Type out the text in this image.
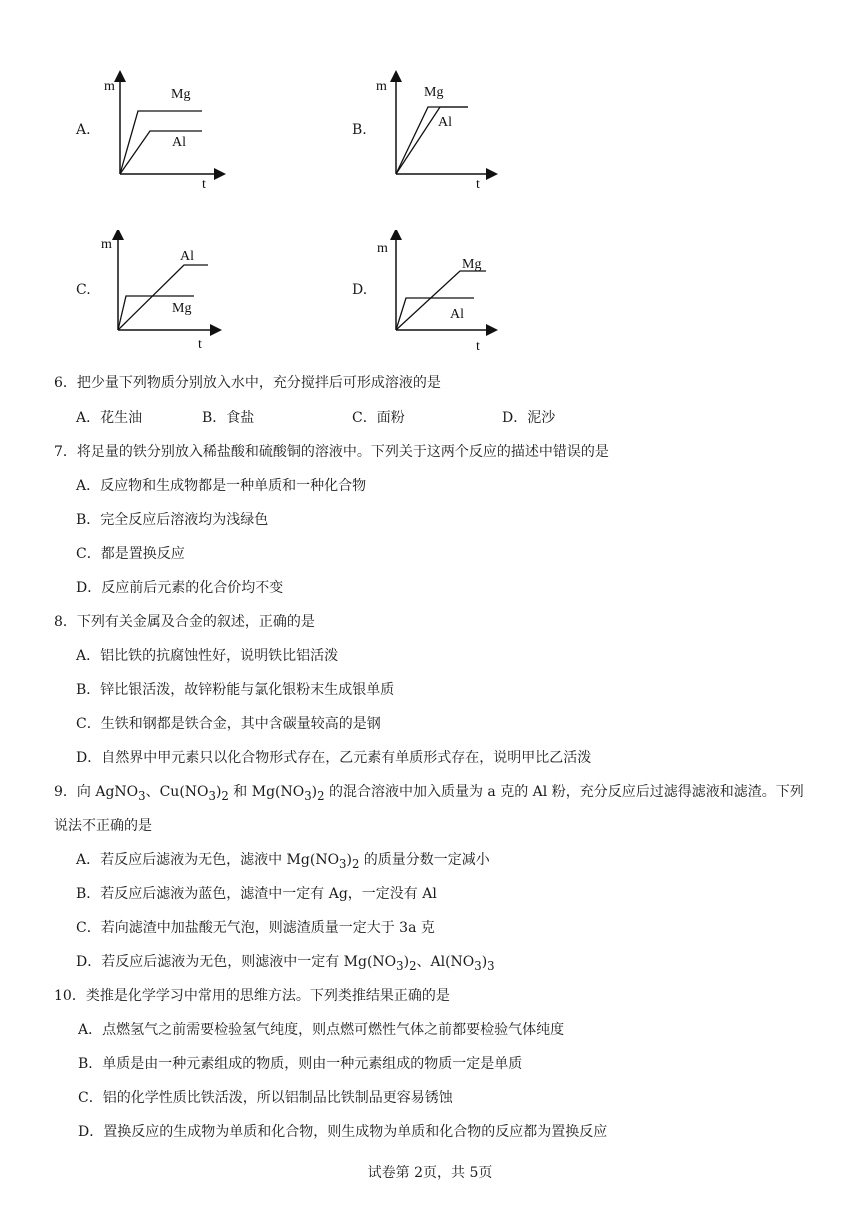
A.
m
t
Mg
Al
B.
m
t
Mg
Al
C.
m
t
Al
Mg
D.
m
t
Mg
Al
6．把少量下列物质分别放入水中，充分搅拌后可形成溶液的是
A．花生油	B．食盐	C．面粉	D．泥沙
7．将足量的铁分别放入稀盐酸和硫酸铜的溶液中。下列关于这两个反应的描述中错误的是
A．反应物和生成物都是一种单质和一种化合物
B．完全反应后溶液均为浅绿色
C．都是置换反应
D．反应前后元素的化合价均不变
8．下列有关金属及合金的叙述，正确的是
A．铝比铁的抗腐蚀性好，说明铁比铝活泼
B．锌比银活泼，故锌粉能与氯化银粉末生成银单质
C．生铁和钢都是铁合金，其中含碳量较高的是钢
D．自然界中甲元素只以化合物形式存在，乙元素有单质形式存在，说明甲比乙活泼
9．向 AgNO$_3$、$Cu(NO_3)_2$ 和 $Mg(NO_3)_2$ 的混合溶液中加入质量为 a 克的 Al 粉，充分反应后过滤得滤液和滤渣。下列
说法不正确的是
A．若反应后滤液为无色，滤液中 $Mg(NO_3)_2$ 的质量分数一定减小
B．若反应后滤液为蓝色，滤渣中一定有 Ag，一定没有 Al
C．若向滤渣中加盐酸无气泡，则滤渣质量一定大于 3a 克
D．若反应后滤液为无色，则滤液中一定有 $Mg(NO_3)_2$、$Al(NO_3)_3$
10．类推是化学学习中常用的思维方法。下列类推结果正确的是
A．点燃氢气之前需要检验氢气纯度，则点燃可燃性气体之前都要检验气体纯度
B．单质是由一种元素组成的物质，则由一种元素组成的物质一定是单质
C．铝的化学性质比铁活泼，所以铝制品比铁制品更容易锈蚀
D．置换反应的生成物为单质和化合物，则生成物为单质和化合物的反应都为置换反应
试卷第 2页，共 5页
